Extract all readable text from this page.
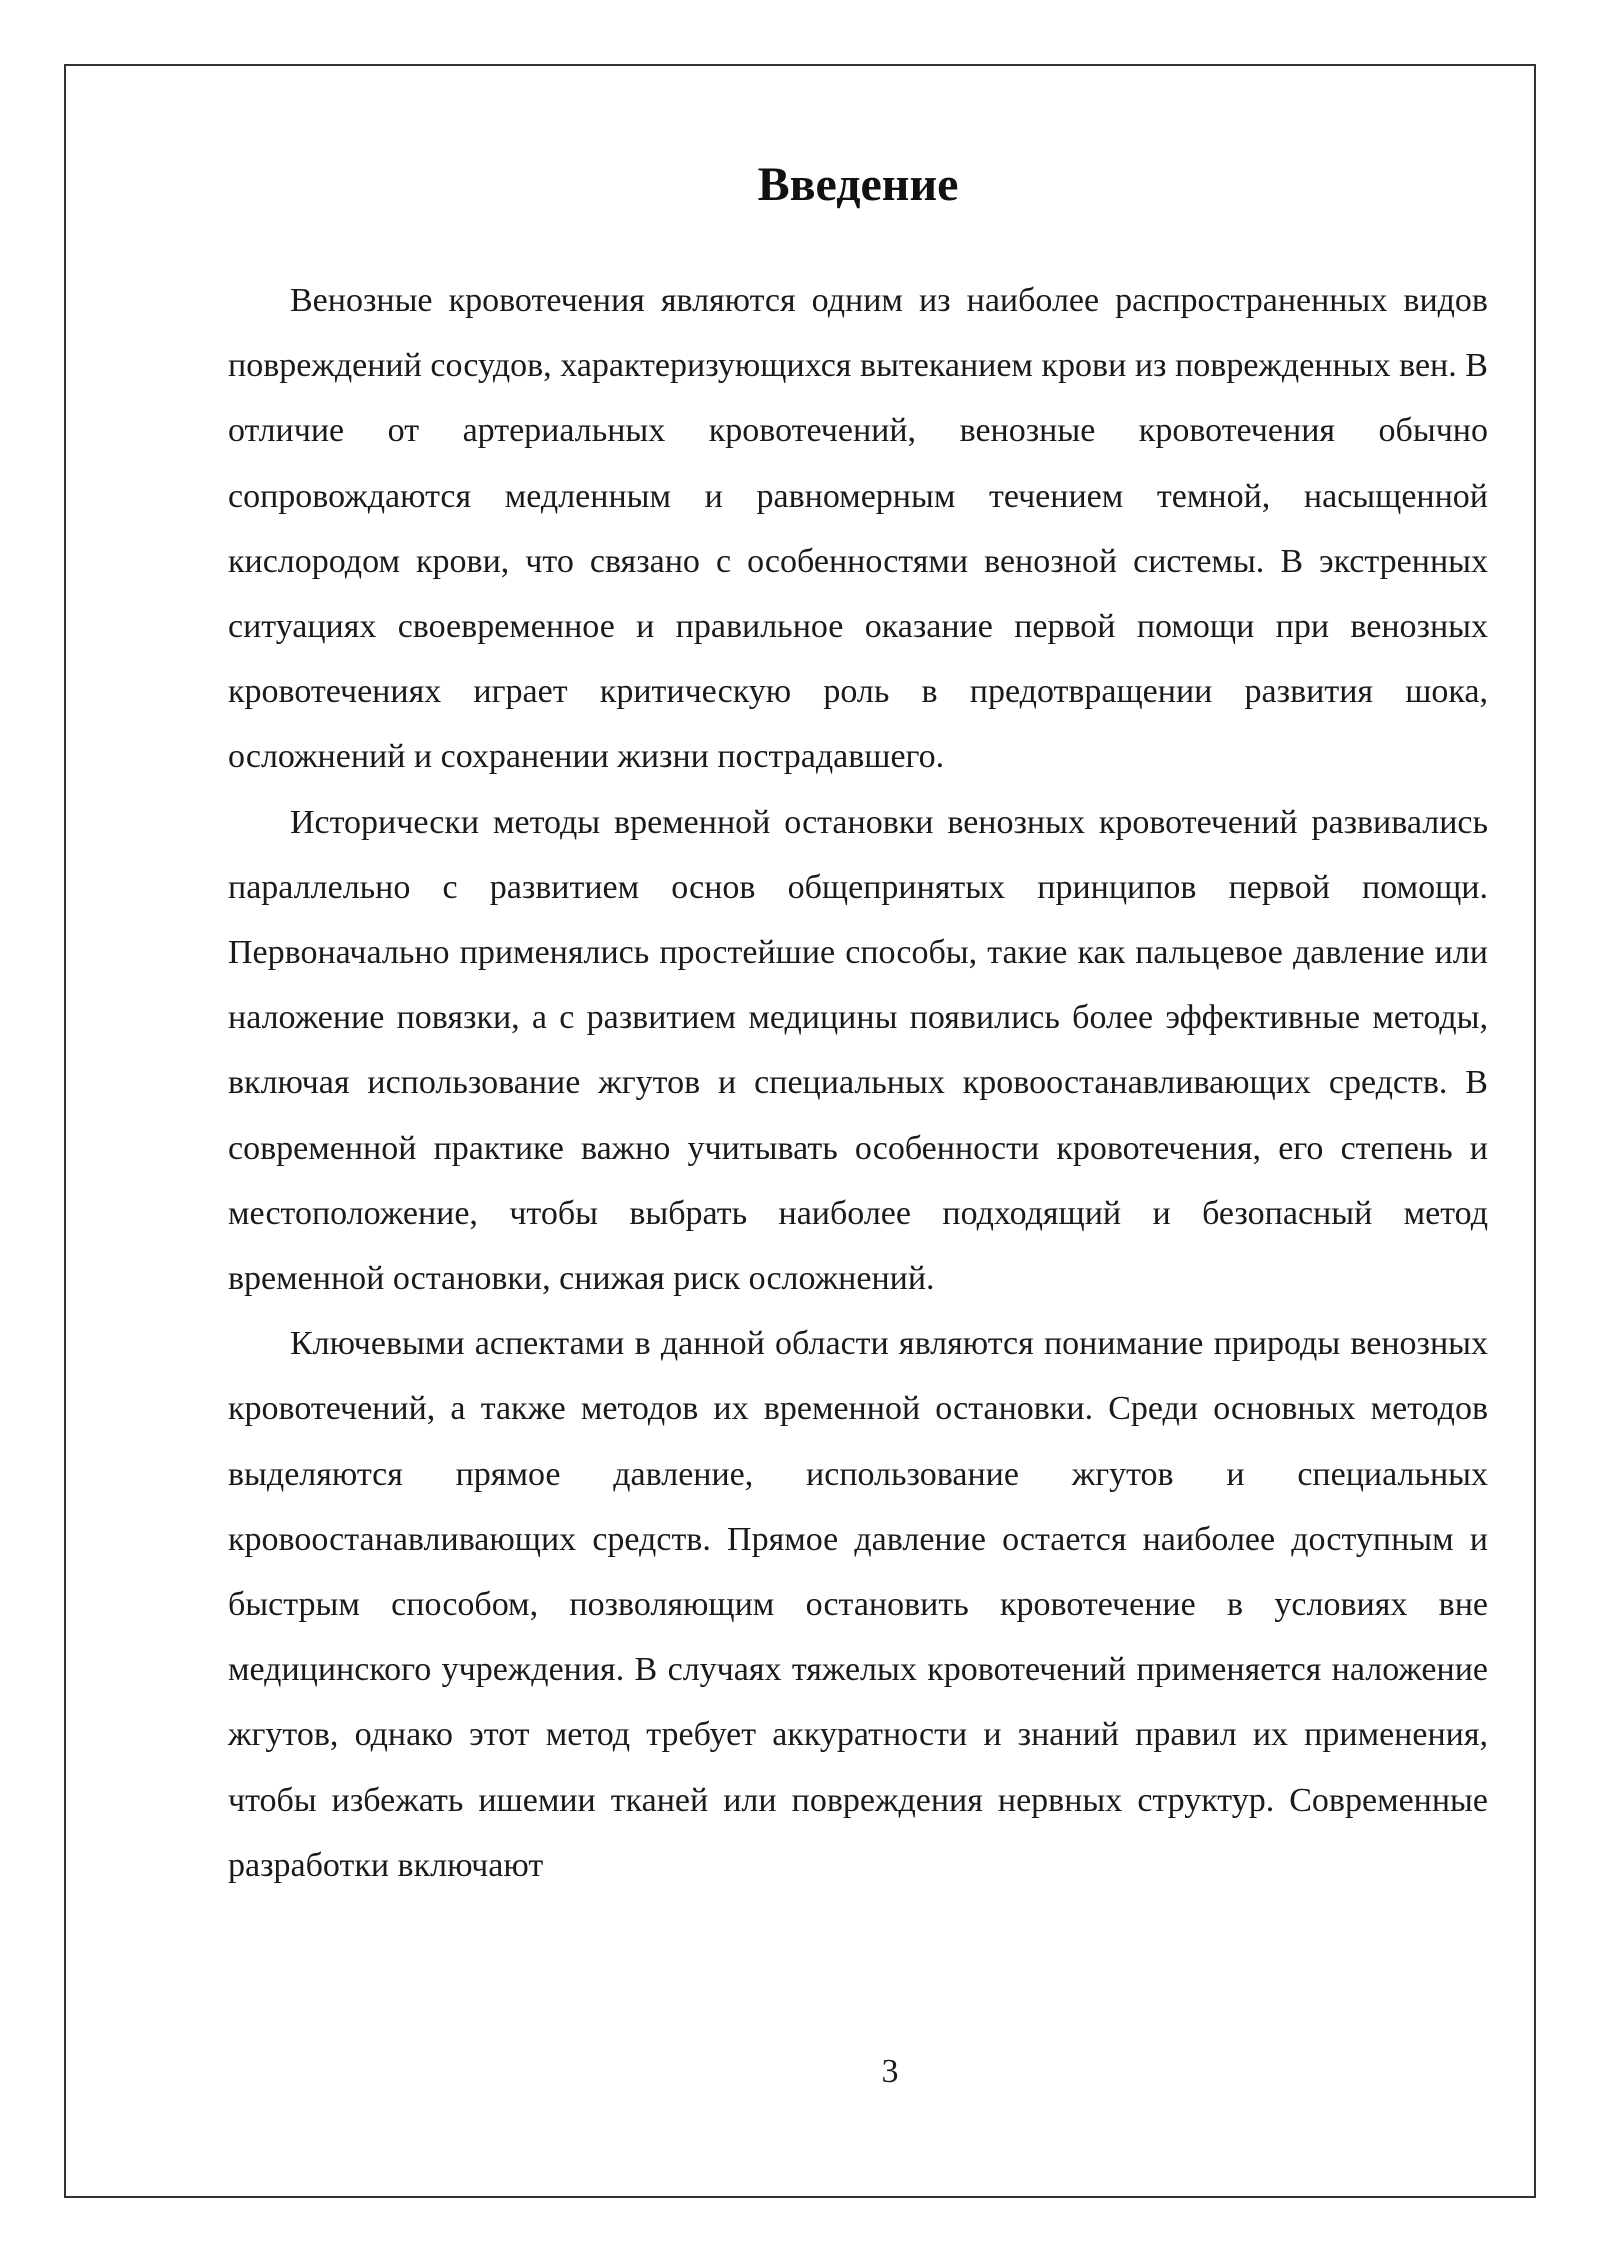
Введение

Венозные кровотечения являются одним из наиболее распространенных видов повреждений сосудов, характеризующихся вытеканием крови из поврежденных вен. В отличие от артериальных кровотечений, венозные кровотечения обычно сопровождаются медленным и равномерным течением темной, насыщенной кислородом крови, что связано с особенностями венозной системы. В экстренных ситуациях своевременное и правильное оказание первой помощи при венозных кровотечениях играет критическую роль в предотвращении развития шока, осложнений и сохранении жизни пострадавшего.

Исторически методы временной остановки венозных кровотечений развивались параллельно с развитием основ общепринятых принципов первой помощи. Первоначально применялись простейшие способы, такие как пальцевое давление или наложение повязки, а с развитием медицины появились более эффективные методы, включая использование жгутов и специальных кровоостанавливающих средств. В современной практике важно учитывать особенности кровотечения, его степень и местоположение, чтобы выбрать наиболее подходящий и безопасный метод временной остановки, снижая риск осложнений.

Ключевыми аспектами в данной области являются понимание природы венозных кровотечений, а также методов их временной остановки. Среди основных методов выделяются прямое давление, использование жгутов и специальных кровоостанавливающих средств. Прямое давление остается наиболее доступным и быстрым способом, позволяющим остановить кровотечение в условиях вне медицинского учреждения. В случаях тяжелых кровотечений применяется наложение жгутов, однако этот метод требует аккуратности и знаний правил их применения, чтобы избежать ишемии тканей или повреждения нервных структур. Современные разработки включают

3
